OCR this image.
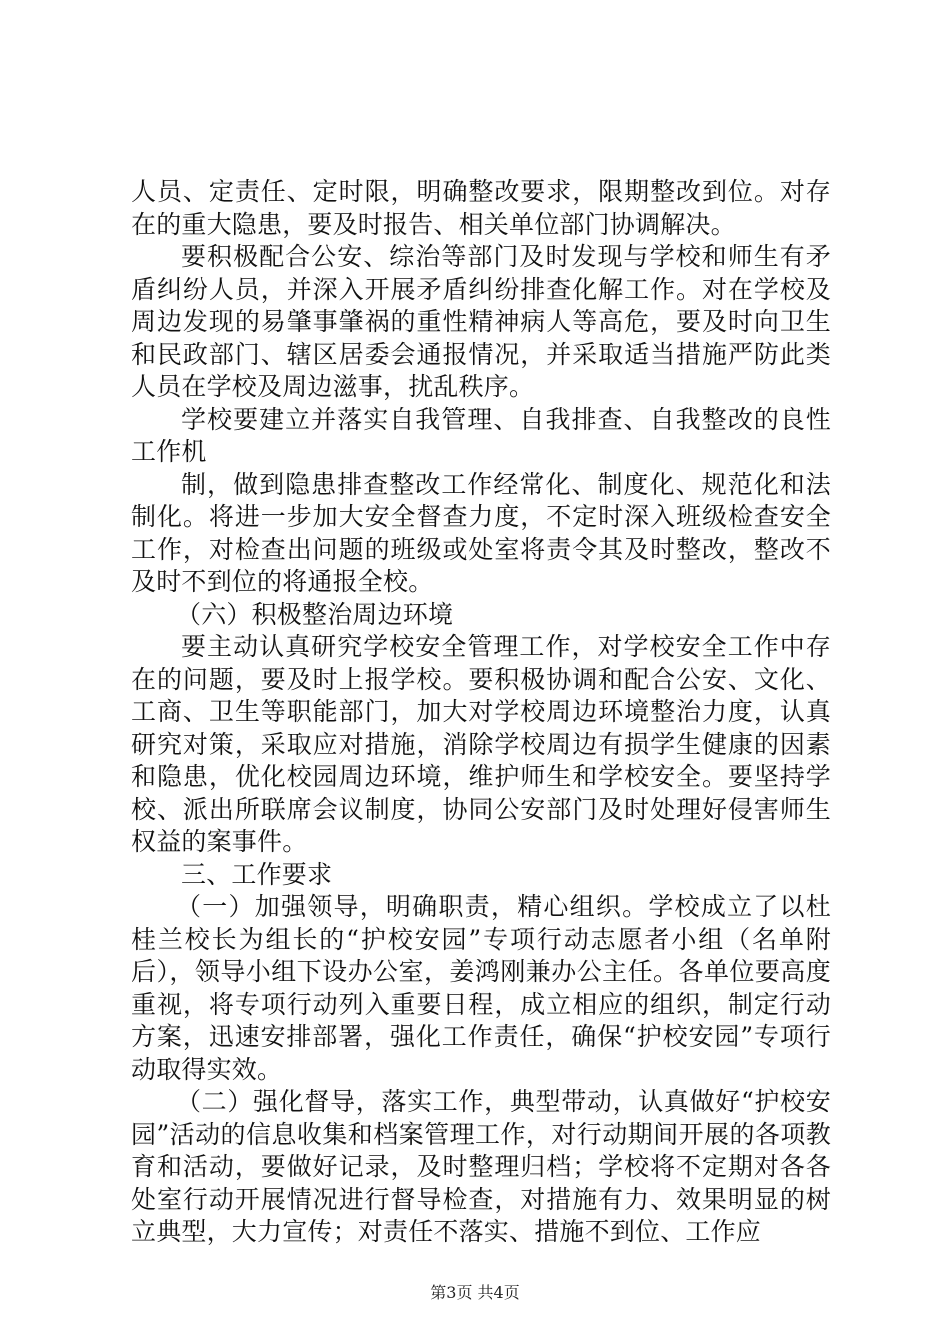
人员、定责任、定时限，明确整改要求，限期整改到位。对存在的重大隐患，要及时报告、相关单位部门协调解决。

要积极配合公安、综治等部门及时发现与学校和师生有矛盾纠纷人员，并深入开展矛盾纠纷排查化解工作。对在学校及周边发现的易肇事肇祸的重性精神病人等高危，要及时向卫生和民政部门、辖区居委会通报情况，并采取适当措施严防此类人员在学校及周边滋事，扰乱秩序。

学校要建立并落实自我管理、自我排查、自我整改的良性工作机

制，做到隐患排查整改工作经常化、制度化、规范化和法制化。将进一步加大安全督查力度，不定时深入班级检查安全工作，对检查出问题的班级或处室将责令其及时整改，整改不及时不到位的将通报全校。

（六）积极整治周边环境

要主动认真研究学校安全管理工作，对学校安全工作中存在的问题，要及时上报学校。要积极协调和配合公安、文化、工商、卫生等职能部门，加大对学校周边环境整治力度，认真研究对策，采取应对措施，消除学校周边有损学生健康的因素和隐患，优化校园周边环境，维护师生和学校安全。要坚持学校、派出所联席会议制度，协同公安部门及时处理好侵害师生权益的案事件。

三、工作要求

（一）加强领导，明确职责，精心组织。学校成立了以杜桂兰校长为组长的“护校安园”专项行动志愿者小组（名单附后），领导小组下设办公室，姜鸿刚兼办公主任。各单位要高度重视，将专项行动列入重要日程，成立相应的组织，制定行动方案，迅速安排部署，强化工作责任，确保“护校安园”专项行动取得实效。

（二）强化督导，落实工作，典型带动，认真做好“护校安园”活动的信息收集和档案管理工作，对行动期间开展的各项教育和活动，要做好记录，及时整理归档；学校将不定期对各各处室行动开展情况进行督导检查，对措施有力、效果明显的树立典型，大力宣传；对责任不落实、措施不到位、工作应

第3页 共4页
